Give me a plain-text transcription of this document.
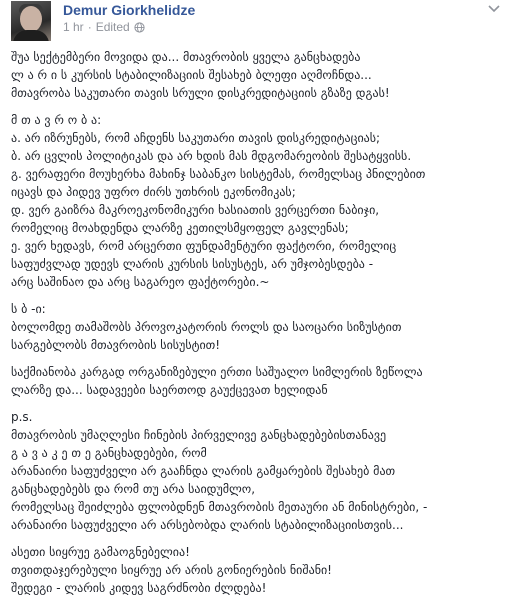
Demur Giorkhelidze
1 hr · Edited

შუა სექტემბერი მოვიდა და... მთავრობის ყველა განცხადება
ლ ა რ ი ს კურსის სტაბილიზაციის შესახებ ბლეფი აღმოჩნდა...
მთავრობა საკუთარი თავის სრული დისკრედიტაციის გზაზე დგას!

მ თ ა ვ რ ო ბ ა:
ა. არ იზრუნებს, რომ აჩდენს საკუთარი თავის დისკრედიტაციას;
ბ. არ ცვლის პოლიტიკას და არ ხდის მას მდგომარეობის შესატყვისს.
გ. ვერაფერი მოუხერხა მახინჯ საბანკო სისტემას, რომელსაც პნილებით
იცავს და პიდევ უფრო ძირს უთხრის ეკონომიკას;
დ. ვერ გაიზრა მაკროეკონომიკური ხასიათის ვერცერთი ნაბიჯი,
რომელიც მოახდენდა ლარზე კეთილსმყოფელ გავლენას;
ე. ვერ ხედავს, რომ არცერთი ფუნდამენტური ფაქტორი, რომელიც
საფუძვლად უდევს ლარის კურსის სისუსტეს, არ უმჯობესდება -
არც საშინაო და არც საგარეო ფაქტორები.~

ს ბ -ი:
ბოლომდე თამაშობს პროვოკატორის როლს და საოცარი სიზუსტით
სარგებლობს მთავრობის სისუსტით!

საქმიანობა კარგად ორგანიზებული ერთი საშუალო სიმლერის ზეწოლა
ლარზე და... სადავეები საერთოდ გაუქცევათ ხელიდან

p.s.
მთავრობის უმაღლესი ჩინების პირველივე განცხადებებისთანავე
გ ა ვ ა კ ე თ ე განცხადებები, რომ
არანაირი საფუძველი არ გააჩნდა ლარის გამყარების შესახებ მათ
განცხადებებს და რომ თუ არა საიდუმლო,
რომელსაც შეიძლება ფლობდნენ მთავრობის მეთაური ან მინისტრები, -
არანაირი საფუძველი არ არსებობდა ლარის სტაბილიზაციისთვის...

ასეთი სიყრუე გამაოგნებელია!
თვითდაჯერებული სიყრუე არ არის გონიერების ნიშანი!
შედეგი - ლარის კიდევ საგრძნობი ძლდება!
